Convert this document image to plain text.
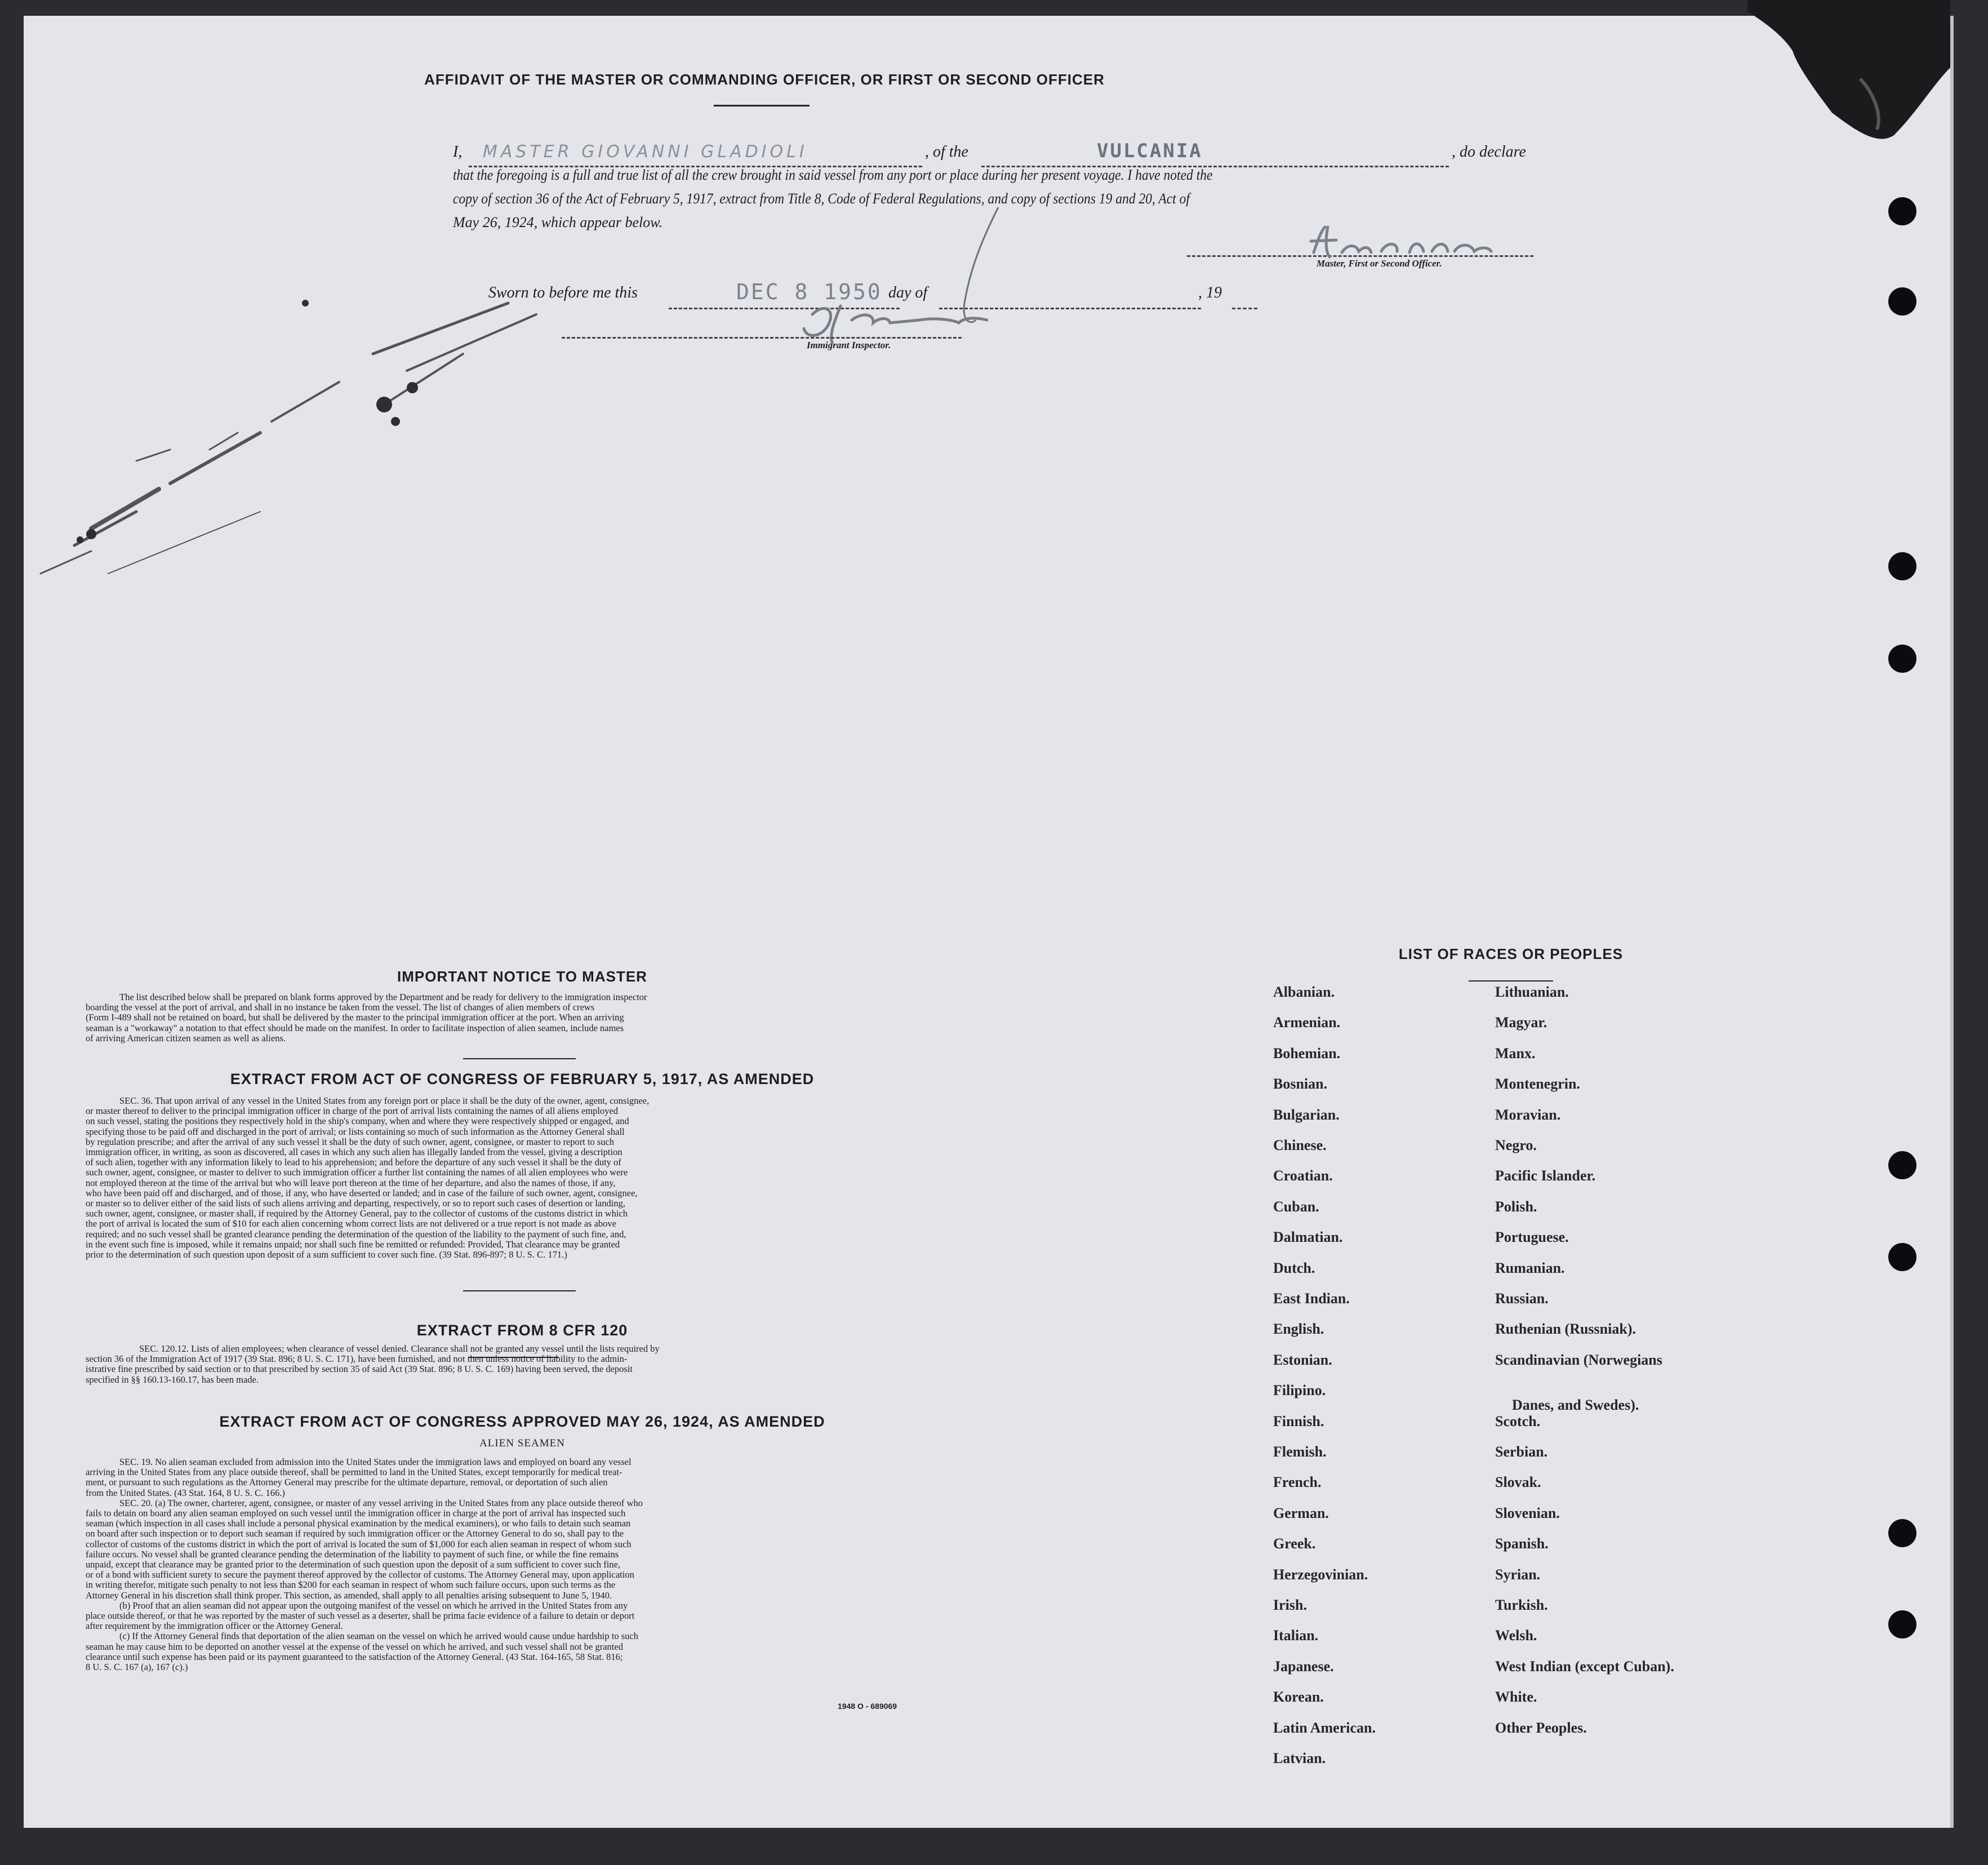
AFFIDAVIT OF THE MASTER OR COMMANDING OFFICER, OR FIRST OR SECOND OFFICER
I, MASTER GIOVANNI GLADIOLI	, of the	VULCANIA	, do declare
that the foregoing is a full and true list of all the crew brought in said vessel from any port or place during her present voyage. I have noted the
copy of section 36 of the Act of February 5, 1917, extract from Title 8, Code of Federal Regulations, and copy of sections 19 and 20, Act of
May 26, 1924, which appear below.
Master, First or Second Officer.
Sworn to before me this	DEC 8 1950 day of	, 19
Immigrant Inspector.
IMPORTANT NOTICE TO MASTER
The list described below shall be prepared on blank forms approved by the Department and be ready for delivery to the immigration inspector
boarding the vessel at the port of arrival, and shall in no instance be taken from the vessel. The list of changes of alien members of crews
(Form I-489 shall not be retained on board, but shall be delivered by the master to the principal immigration officer at the port. When an arriving
seaman is a "workaway" a notation to that effect should be made on the manifest. In order to facilitate inspection of alien seamen, include names
of arriving American citizen seamen as well as aliens.
EXTRACT FROM ACT OF CONGRESS OF FEBRUARY 5, 1917, AS AMENDED
SEC. 36. That upon arrival of any vessel in the United States from any foreign port or place it shall be the duty of the owner, agent, consignee,
or master thereof to deliver to the principal immigration officer in charge of the port of arrival lists containing the names of all aliens employed
on such vessel, stating the positions they respectively hold in the ship's company, when and where they were respectively shipped or engaged, and
specifying those to be paid off and discharged in the port of arrival; or lists containing so much of such information as the Attorney General shall
by regulation prescribe; and after the arrival of any such vessel it shall be the duty of such owner, agent, consignee, or master to report to such
immigration officer, in writing, as soon as discovered, all cases in which any such alien has illegally landed from the vessel, giving a description
of such alien, together with any information likely to lead to his apprehension; and before the departure of any such vessel it shall be the duty of
such owner, agent, consignee, or master to deliver to such immigration officer a further list containing the names of all alien employees who were
not employed thereon at the time of the arrival but who will leave port thereon at the time of her departure, and also the names of those, if any,
who have been paid off and discharged, and of those, if any, who have deserted or landed; and in case of the failure of such owner, agent, consignee,
or master so to deliver either of the said lists of such aliens arriving and departing, respectively, or so to report such cases of desertion or landing,
such owner, agent, consignee, or master shall, if required by the Attorney General, pay to the collector of customs of the customs district in which
the port of arrival is located the sum of $10 for each alien concerning whom correct lists are not delivered or a true report is not made as above
required; and no such vessel shall be granted clearance pending the determination of the question of the liability to the payment of such fine, and,
in the event such fine is imposed, while it remains unpaid; nor shall such fine be remitted or refunded: Provided, That clearance may be granted
prior to the determination of such question upon deposit of a sum sufficient to cover such fine. (39 Stat. 896-897; 8 U. S. C. 171.)
EXTRACT FROM 8 CFR 120
SEC. 120.12. Lists of alien employees; when clearance of vessel denied. Clearance shall not be granted any vessel until the lists required by
section 36 of the Immigration Act of 1917 (39 Stat. 896; 8 U. S. C. 171), have been furnished, and not then unless notice of liability to the admin-
istrative fine prescribed by said section or to that prescribed by section 35 of said Act (39 Stat. 896; 8 U. S. C. 169) having been served, the deposit
specified in §§ 160.13-160.17, has been made.
EXTRACT FROM ACT OF CONGRESS APPROVED MAY 26, 1924, AS AMENDED
ALIEN SEAMEN
SEC. 19. No alien seaman excluded from admission into the United States under the immigration laws and employed on board any vessel
arriving in the United States from any place outside thereof, shall be permitted to land in the United States, except temporarily for medical treat-
ment, or pursuant to such regulations as the Attorney General may prescribe for the ultimate departure, removal, or deportation of such alien
from the United States. (43 Stat. 164, 8 U. S. C. 166.)
SEC. 20. (a) The owner, charterer, agent, consignee, or master of any vessel arriving in the United States from any place outside thereof who
fails to detain on board any alien seaman employed on such vessel until the immigration officer in charge at the port of arrival has inspected such
seaman (which inspection in all cases shall include a personal physical examination by the medical examiners), or who fails to detain such seaman
on board after such inspection or to deport such seaman if required by such immigration officer or the Attorney General to do so, shall pay to the
collector of customs of the customs district in which the port of arrival is located the sum of $1,000 for each alien seaman in respect of whom such
failure occurs. No vessel shall be granted clearance pending the determination of the liability to payment of such fine, or while the fine remains
unpaid, except that clearance may be granted prior to the determination of such question upon the deposit of a sum sufficient to cover such fine,
or of a bond with sufficient surety to secure the payment thereof approved by the collector of customs. The Attorney General may, upon application
in writing therefor, mitigate such penalty to not less than $200 for each seaman in respect of whom such failure occurs, upon such terms as the
Attorney General in his discretion shall think proper. This section, as amended, shall apply to all penalties arising subsequent to June 5, 1940.
(b) Proof that an alien seaman did not appear upon the outgoing manifest of the vessel on which he arrived in the United States from any
place outside thereof, or that he was reported by the master of such vessel as a deserter, shall be prima facie evidence of a failure to detain or deport
after requirement by the immigration officer or the Attorney General.
(c) If the Attorney General finds that deportation of the alien seaman on the vessel on which he arrived would cause undue hardship to such
seaman he may cause him to be deported on another vessel at the expense of the vessel on which he arrived, and such vessel shall not be granted
clearance until such expense has been paid or its payment guaranteed to the satisfaction of the Attorney General. (43 Stat. 164-165, 58 Stat. 816;
8 U. S. C. 167 (a), 167 (c).)
1948 O - 689069
LIST OF RACES OR PEOPLES
Albanian.
Armenian.
Bohemian.
Bosnian.
Bulgarian.
Chinese.
Croatian.
Cuban.
Dalmatian.
Dutch.
East Indian.
English.
Estonian.
Filipino.
Finnish.
Flemish.
French.
German.
Greek.
Herzegovinian.
Irish.
Italian.
Japanese.
Korean.
Latin American.
Latvian.
Lithuanian.
Magyar.
Manx.
Montenegrin.
Moravian.
Negro.
Pacific Islander.
Polish.
Portuguese.
Rumanian.
Russian.
Ruthenian (Russniak).
Scandinavian (Norwegians
Danes, and Swedes).
Scotch.
Serbian.
Slovak.
Slovenian.
Spanish.
Syrian.
Turkish.
Welsh.
West Indian (except Cuban).
White.
Other Peoples.
